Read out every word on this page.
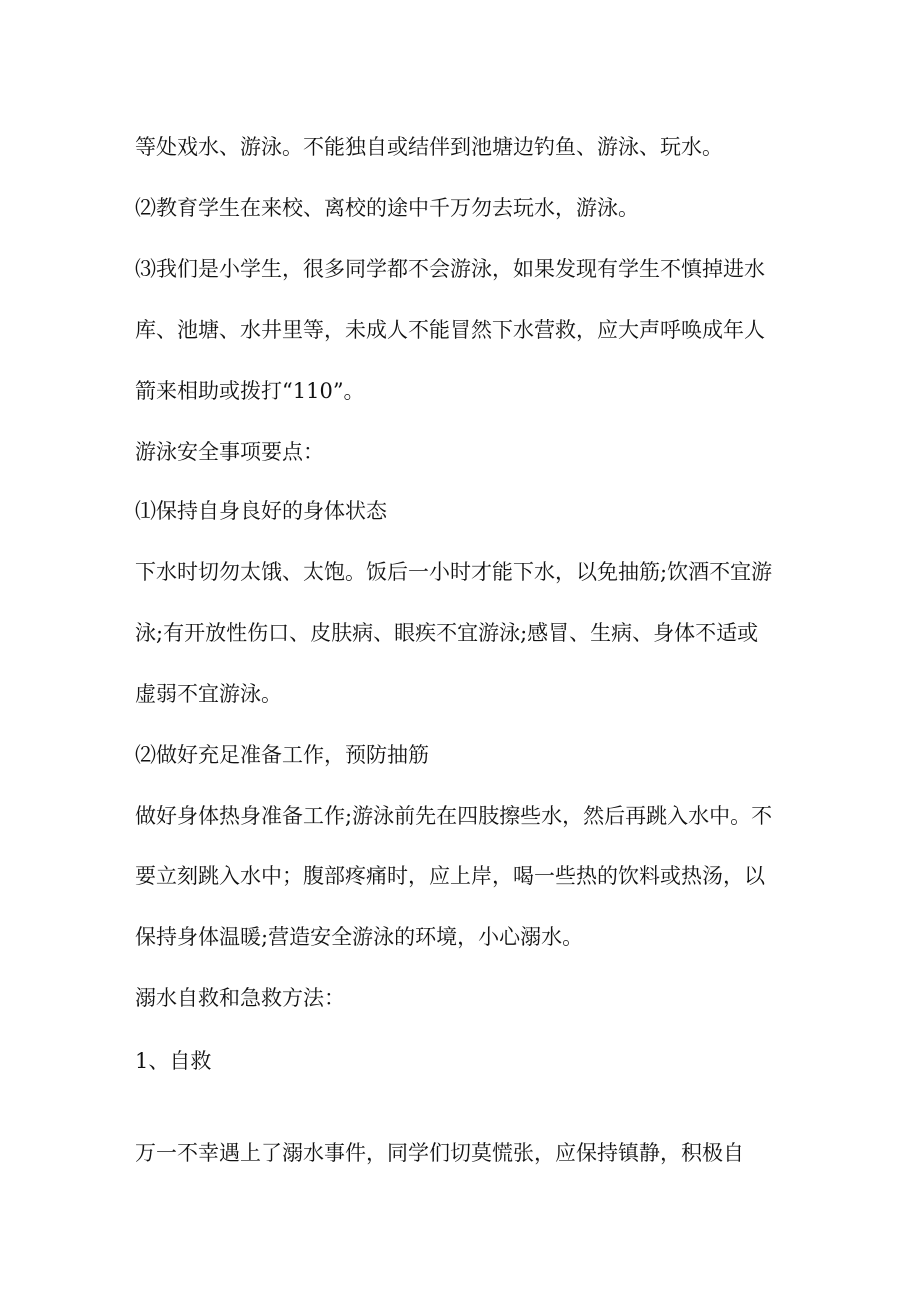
等处戏水、游泳。不能独自或结伴到池塘边钓鱼、游泳、玩水。
⑵教育学生在来校、离校的途中千万勿去玩水，游泳。
⑶我们是小学生，很多同学都不会游泳，如果发现有学生不慎掉进水
库、池塘、水井里等，未成人不能冒然下水营救，应大声呼唤成年人
箭来相助或拨打“110”。
游泳安全事项要点：
⑴保持自身良好的身体状态
下水时切勿太饿、太饱。饭后一小时才能下水，以免抽筋;饮酒不宜游
泳;有开放性伤口、皮肤病、眼疾不宜游泳;感冒、生病、身体不适或
虚弱不宜游泳。
⑵做好充足准备工作，预防抽筋
做好身体热身准备工作;游泳前先在四肢擦些水，然后再跳入水中。不
要立刻跳入水中；腹部疼痛时，应上岸，喝一些热的饮料或热汤，以
保持身体温暖;营造安全游泳的环境，小心溺水。
溺水自救和急救方法：
1、自救
万一不幸遇上了溺水事件，同学们切莫慌张，应保持镇静，积极自
